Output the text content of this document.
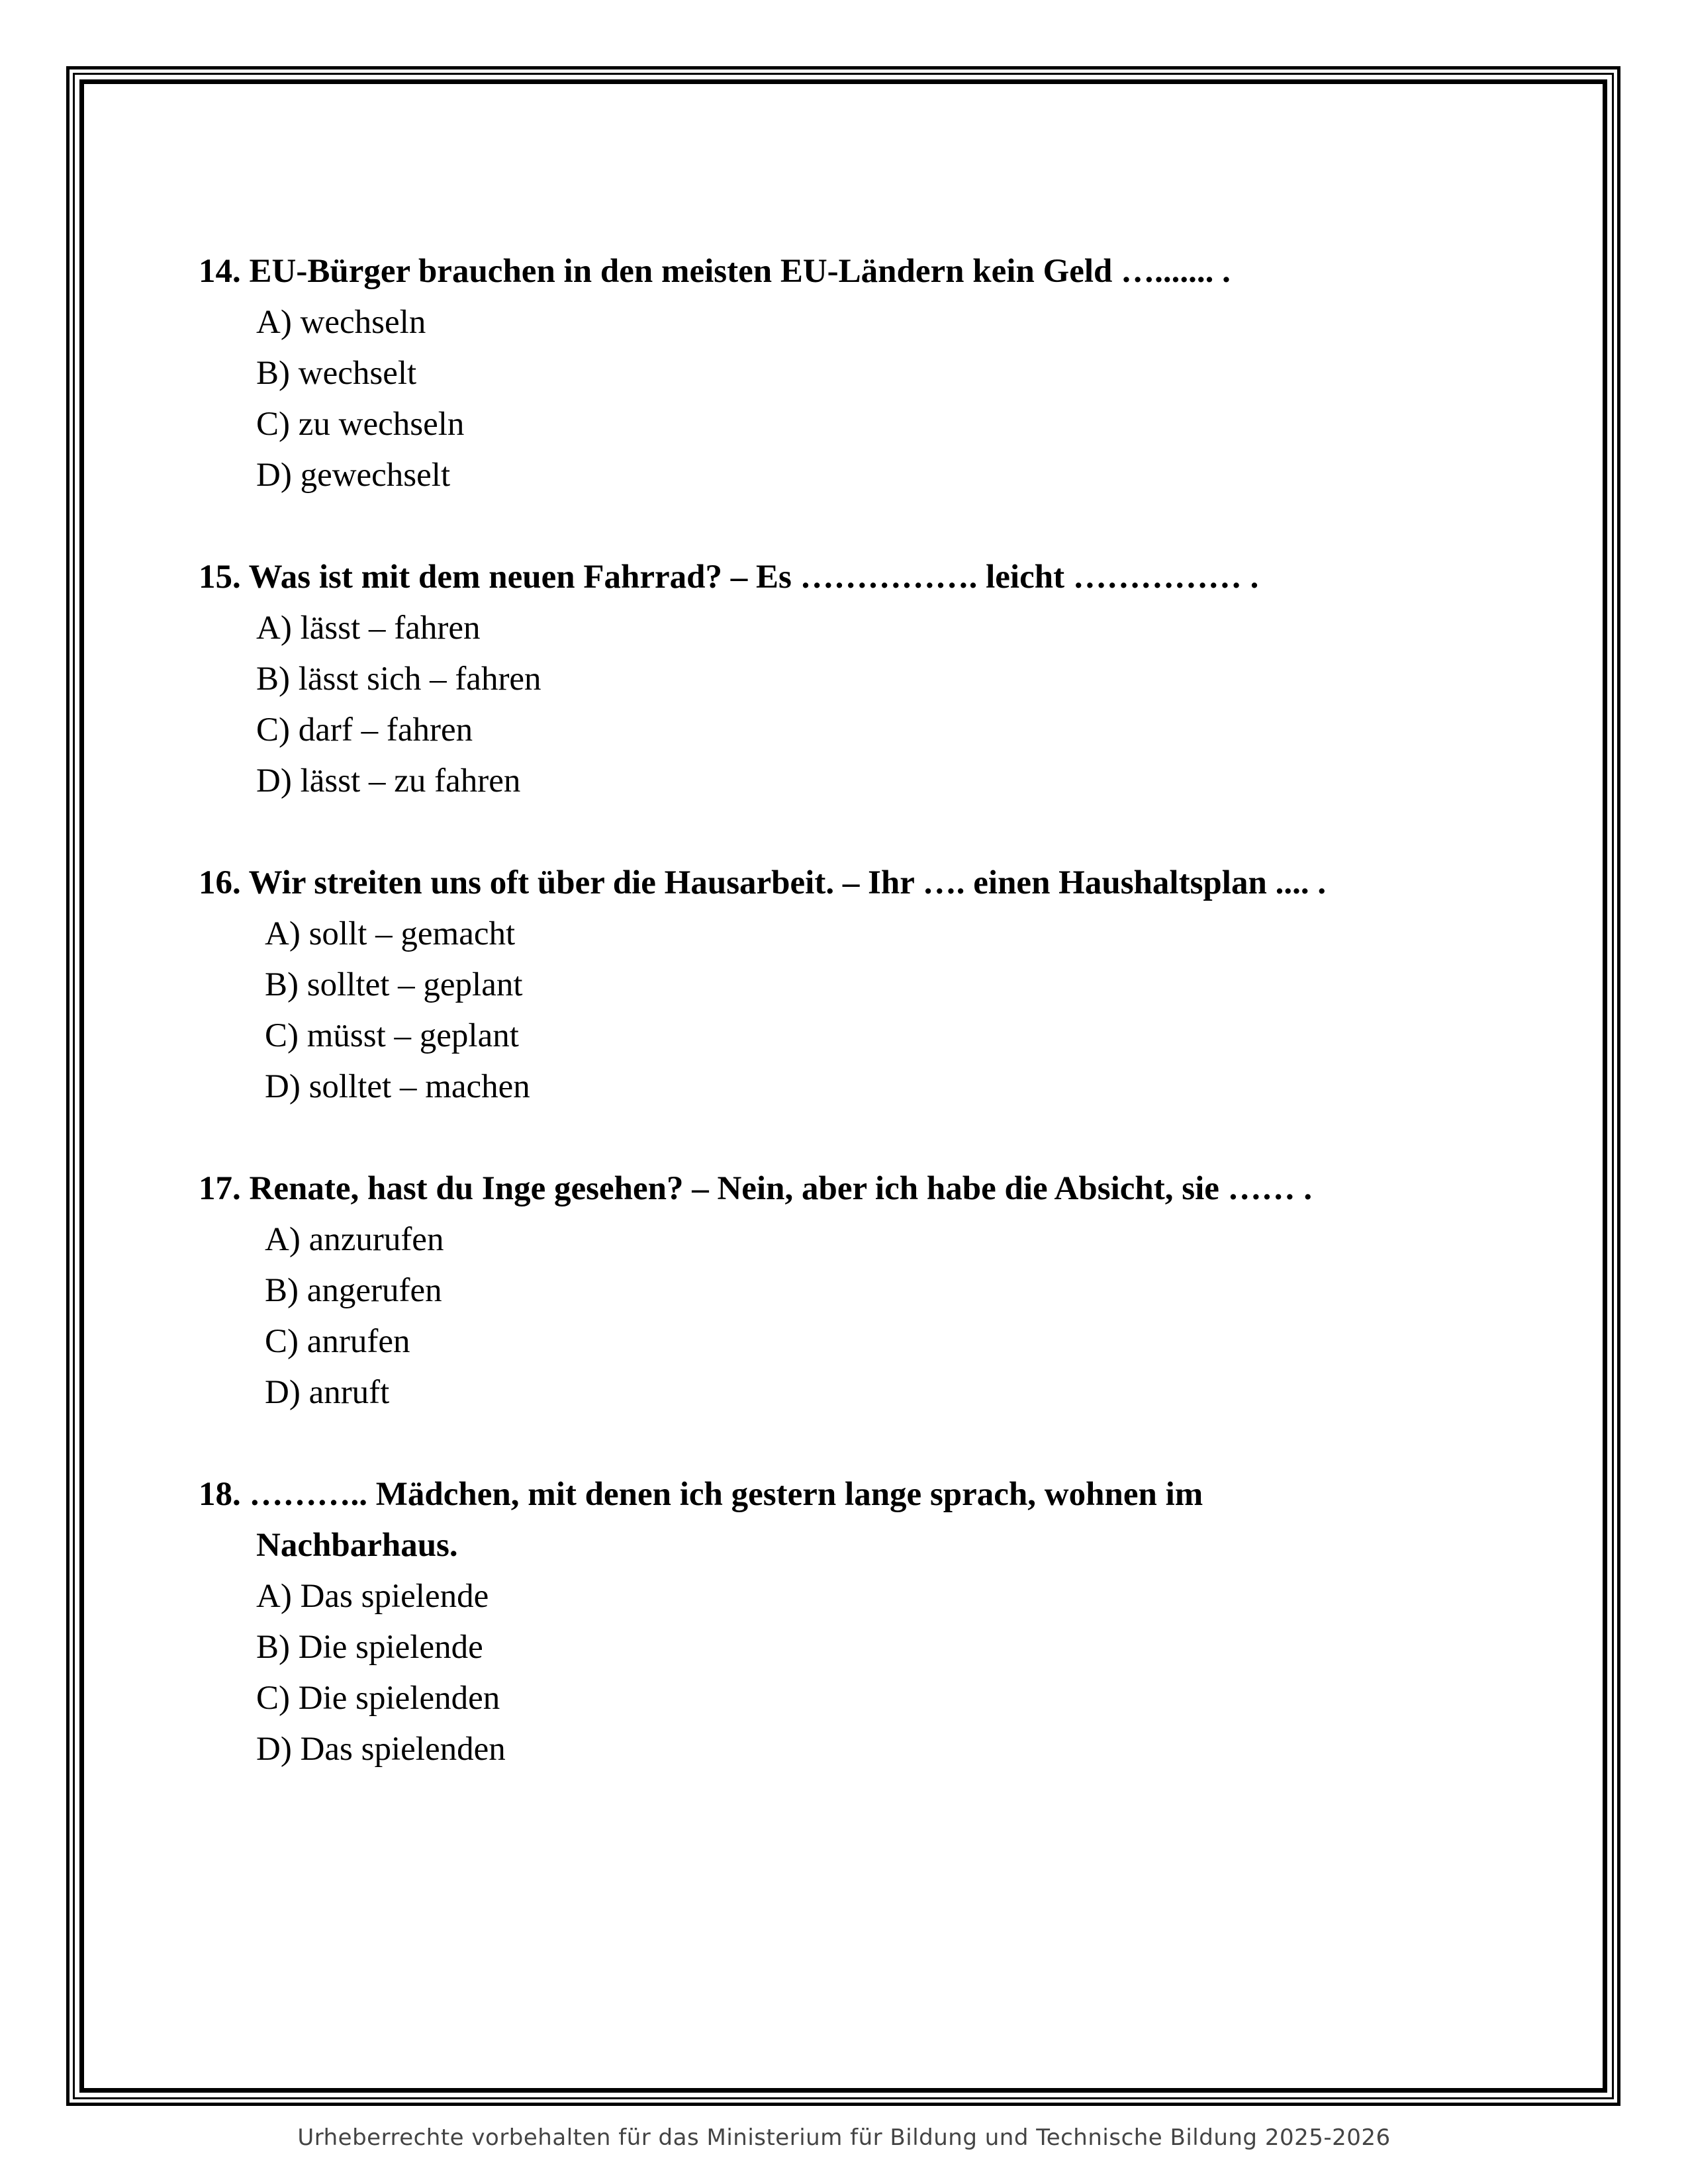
14. EU-Bürger brauchen in den meisten EU-Ländern kein Geld …....... .
A) wechseln
B) wechselt
C) zu wechseln
D) gewechselt
15. Was ist mit dem neuen Fahrrad? – Es ……………. leicht …………… .
A) lässt – fahren
B) lässt sich – fahren
C) darf – fahren
D) lässt – zu fahren
16. Wir streiten uns oft über die Hausarbeit. – Ihr …. einen Haushaltsplan .... .
A) sollt – gemacht
B) solltet – geplant
C) müsst – geplant
D) solltet – machen
17. Renate, hast du Inge gesehen? – Nein, aber ich habe die Absicht, sie …… .
A) anzurufen
B) angerufen
C) anrufen
D) anruft
18. ……….. Mädchen, mit denen ich gestern lange sprach, wohnen im
Nachbarhaus.
A) Das spielende
B) Die spielende
C) Die spielenden
D) Das spielenden
Urheberrechte vorbehalten für das Ministerium für Bildung und Technische Bildung 2025-2026
